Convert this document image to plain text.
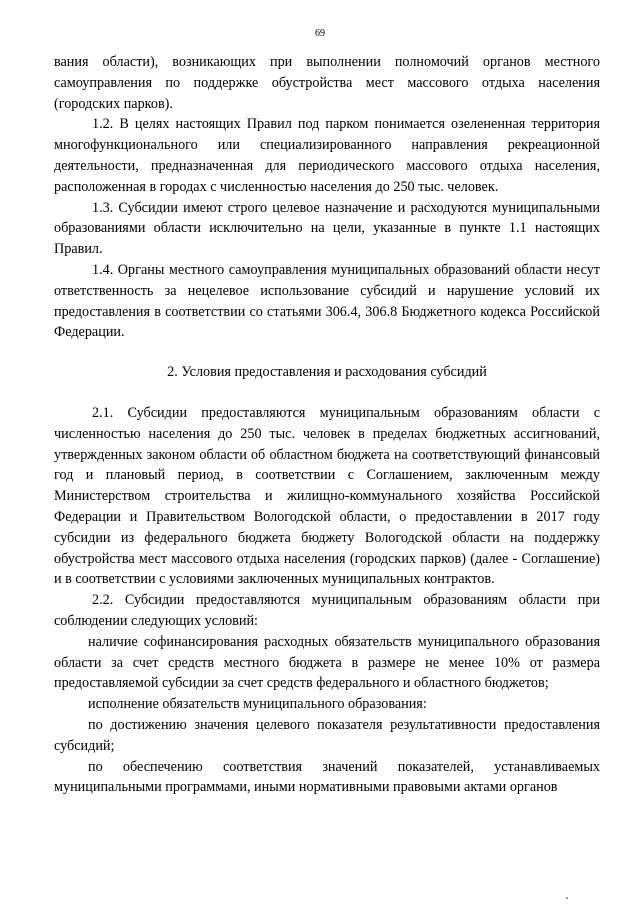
69

вания области), возникающих при выполнении полномочий органов местного самоуправления по поддержке обустройства мест массового отдыха населения (городских парков).

1.2. В целях настоящих Правил под парком понимается озелененная территория многофункционального или специализированного направления рекреационной деятельности, предназначенная для периодического массового отдыха населения, расположенная в городах с численностью населения до 250 тыс. человек.

1.3. Субсидии имеют строго целевое назначение и расходуются муниципальными образованиями области исключительно на цели, указанные в пункте 1.1 настоящих Правил.

1.4. Органы местного самоуправления муниципальных образований области несут ответственность за нецелевое использование субсидий и нарушение условий их предоставления в соответствии со статьями 306.4, 306.8 Бюджетного кодекса Российской Федерации.

2. Условия предоставления и расходования субсидий

2.1. Субсидии предоставляются муниципальным образованиям области с численностью населения до 250 тыс. человек в пределах бюджетных ассигнований, утвержденных законом области об областном бюджета на соответствующий финансовый год и плановый период, в соответствии с Соглашением, заключенным между Министерством строительства и жилищно-коммунального хозяйства Российской Федерации и Правительством Вологодской области, о предоставлении в 2017 году субсидии из федерального бюджета бюджету Вологодской области на поддержку обустройства мест массового отдыха населения (городских парков) (далее - Соглашение) и в соответствии с условиями заключенных муниципальных контрактов.

2.2. Субсидии предоставляются муниципальным образованиям области при соблюдении следующих условий:

наличие софинансирования расходных обязательств муниципального образования области за счет средств местного бюджета в размере не менее 10% от размера предоставляемой субсидии за счет средств федерального и областного бюджетов;

исполнение обязательств муниципального образования:

по достижению значения целевого показателя результативности предоставления субсидий;

по обеспечению соответствия значений показателей, устанавливаемых муниципальными программами, иными нормативными правовыми актами органов
